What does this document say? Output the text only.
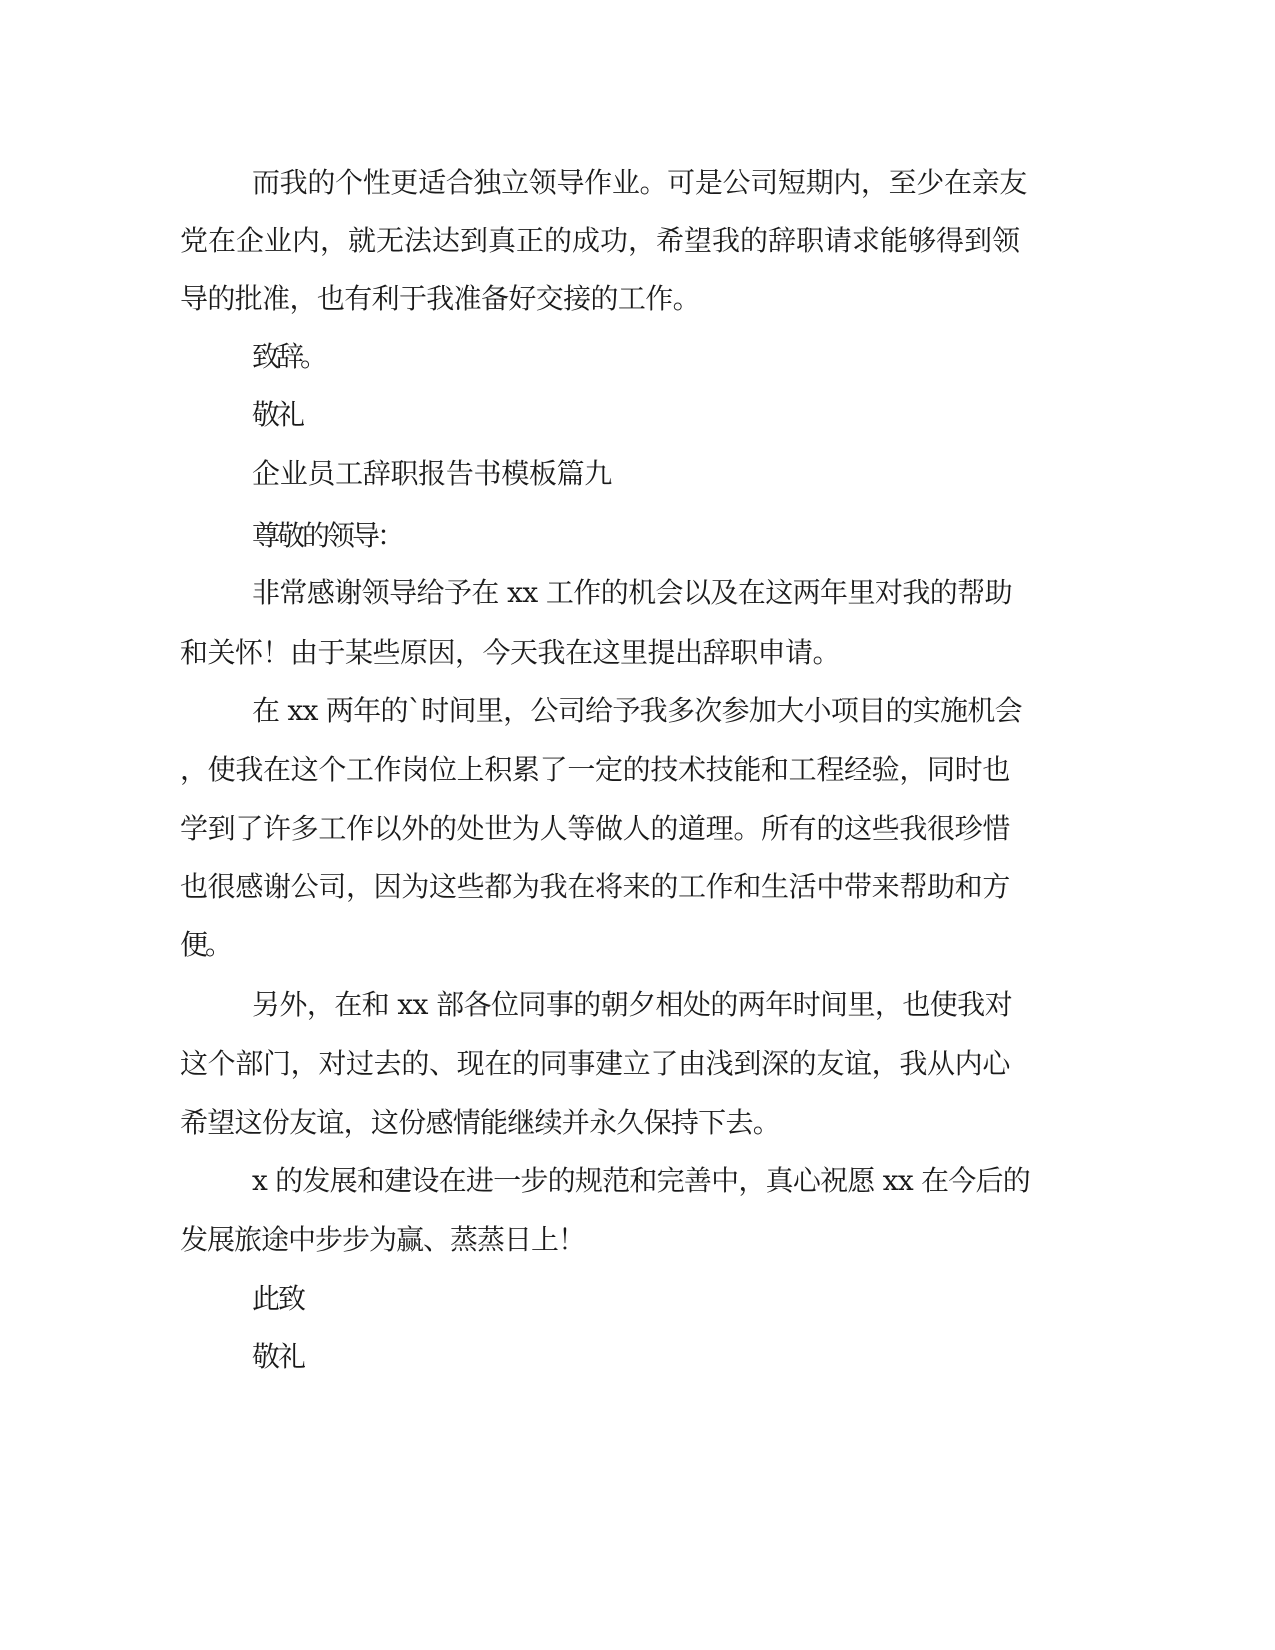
而我的个性更适合独立领导作业。可是公司短期内，至少在亲友
党在企业内，就无法达到真正的成功，希望我的辞职请求能够得到领
导的批准，也有利于我准备好交接的工作。
致辞。
敬礼
企业员工辞职报告书模板篇九
尊敬的领导：
非常感谢领导给予在 xx 工作的机会以及在这两年里对我的帮助
和关怀！由于某些原因，今天我在这里提出辞职申请。
在 xx 两年的`时间里，公司给予我多次参加大小项目的实施机会
，使我在这个工作岗位上积累了一定的技术技能和工程经验，同时也
学到了许多工作以外的处世为人等做人的道理。所有的这些我很珍惜
也很感谢公司，因为这些都为我在将来的工作和生活中带来帮助和方
便。
另外，在和 xx 部各位同事的朝夕相处的两年时间里，也使我对
这个部门，对过去的、现在的同事建立了由浅到深的友谊，我从内心
希望这份友谊，这份感情能继续并永久保持下去。
x 的发展和建设在进一步的规范和完善中，真心祝愿 xx 在今后的
发展旅途中步步为赢、蒸蒸日上！
此致
敬礼
